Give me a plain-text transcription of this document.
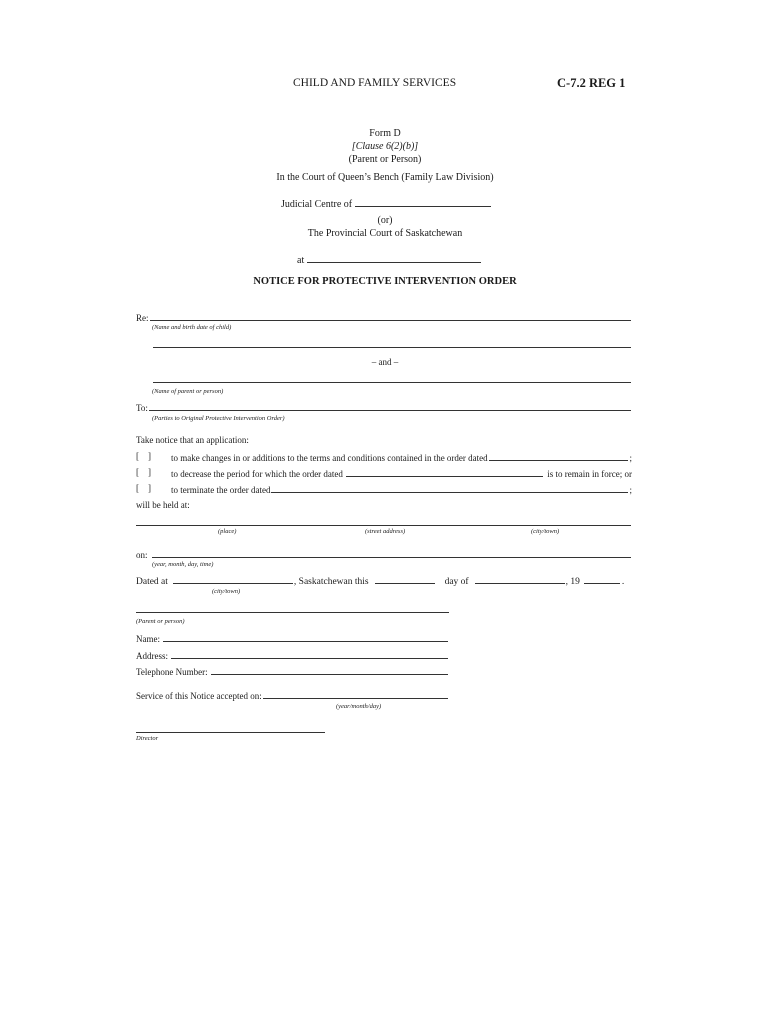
CHILD AND FAMILY SERVICES	C-7.2 REG 1
Form D
[Clause 6(2)(b)]
(Parent or Person)
In the Court of Queen’s Bench (Family Law Division)
Judicial Centre of
(or)
The Provincial Court of Saskatchewan
at
NOTICE FOR PROTECTIVE INTERVENTION ORDER
Re:
(Name and birth date of child)
– and –
(Name of parent or person)
To:
(Parties to Original Protective Intervention Order)
Take notice that an application:
[    ] to make changes in or additions to the terms and conditions contained in the order dated	;
[    ] to decrease the period for which the order dated	is to remain in force; or
[    ] to terminate the order dated	;
will be held at:
(place)	(street address)	(city/town)
on:
(year, month, day, time)
Dated at	, Saskatchewan this	day of	, 19	.
(city/town)
(Parent or person)
Name:
Address:
Telephone Number:
Service of this Notice accepted on:
(year/month/day)
Director
